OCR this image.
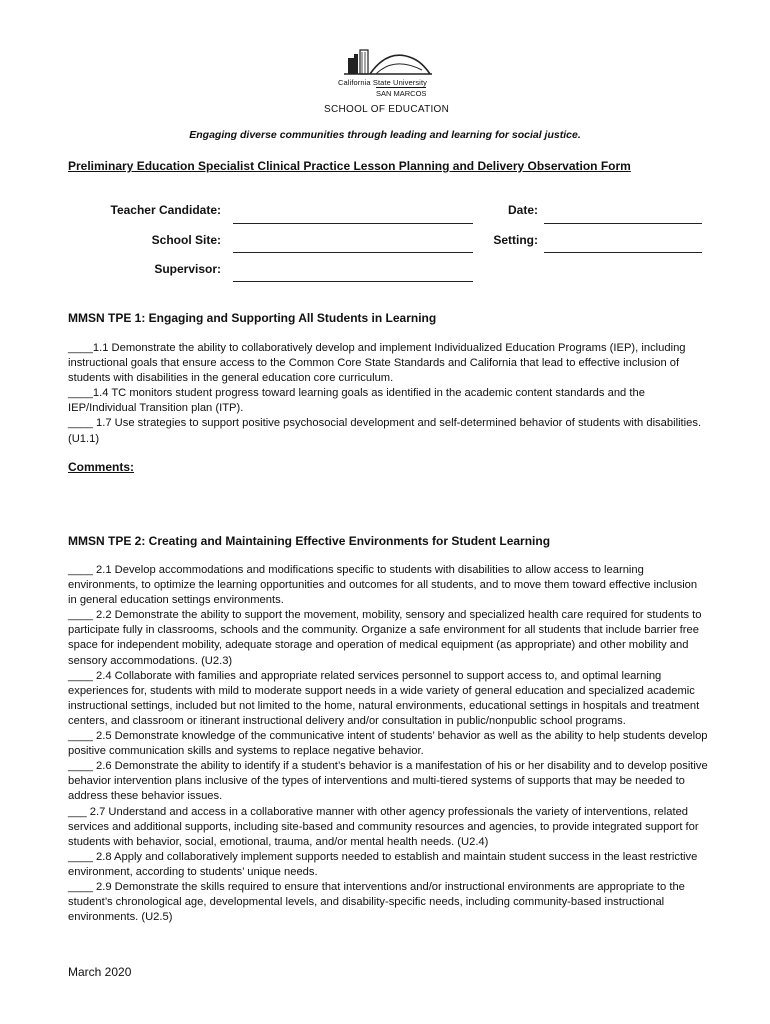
California State University
SAN MARCOS
SCHOOL OF EDUCATION
Engaging diverse communities through leading and learning for social justice.
Preliminary Education Specialist Clinical Practice Lesson Planning and Delivery Observation Form
Teacher Candidate:	Date:
School Site:	Setting:
Supervisor:
MMSN TPE 1: Engaging and Supporting All Students in Learning

____1.1 Demonstrate the ability to collaboratively develop and implement Individualized Education Programs (IEP), including instructional goals that ensure access to the Common Core State Standards and California that lead to effective inclusion of students with disabilities in the general education core curriculum.

____1.4 TC monitors student progress toward learning goals as identified in the academic content standards and the IEP/Individual Transition plan (ITP).

____ 1.7 Use strategies to support positive psychosocial development and self-determined behavior of students with disabilities. (U1.1)

Comments:
MMSN TPE 2: Creating and Maintaining Effective Environments for Student Learning

____ 2.1 Develop accommodations and modifications specific to students with disabilities to allow access to learning environments, to optimize the learning opportunities and outcomes for all students, and to move them toward effective inclusion in general education settings environments.

____ 2.2 Demonstrate the ability to support the movement, mobility, sensory and specialized health care required for students to participate fully in classrooms, schools and the community. Organize a safe environment for all students that include barrier free space for independent mobility, adequate storage and operation of medical equipment (as appropriate) and other mobility and sensory accommodations. (U2.3)

____ 2.4 Collaborate with families and appropriate related services personnel to support access to, and optimal learning experiences for, students with mild to moderate support needs in a wide variety of general education and specialized academic instructional settings, included but not limited to the home, natural environments, educational settings in hospitals and treatment centers, and classroom or itinerant instructional delivery and/or consultation in public/nonpublic school programs.

____ 2.5 Demonstrate knowledge of the communicative intent of students’ behavior as well as the ability to help students develop positive communication skills and systems to replace negative behavior.

____ 2.6 Demonstrate the ability to identify if a student’s behavior is a manifestation of his or her disability and to develop positive behavior intervention plans inclusive of the types of interventions and multi-tiered systems of supports that may be needed to address these behavior issues.

___ 2.7 Understand and access in a collaborative manner with other agency professionals the variety of interventions, related services and additional supports, including site-based and community resources and agencies, to provide integrated support for students with behavior, social, emotional, trauma, and/or mental health needs. (U2.4)

____ 2.8 Apply and collaboratively implement supports needed to establish and maintain student success in the least restrictive environment, according to students’ unique needs.

____ 2.9 Demonstrate the skills required to ensure that interventions and/or instructional environments are appropriate to the student’s chronological age, developmental levels, and disability-specific needs, including community-based instructional environments. (U2.5)

March 2020
